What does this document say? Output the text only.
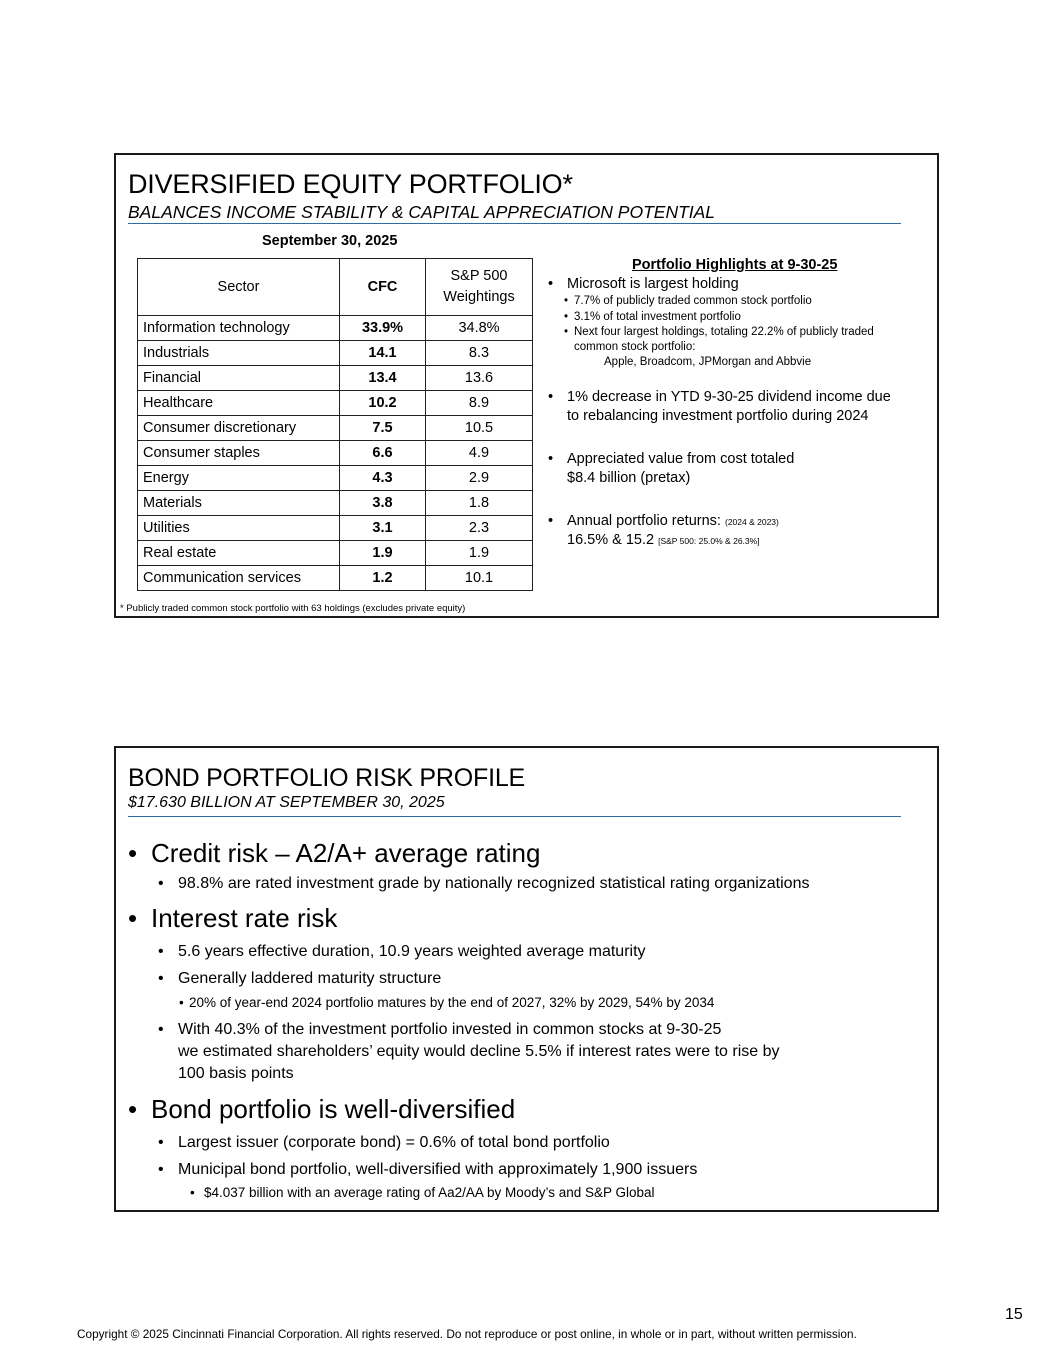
DIVERSIFIED EQUITY PORTFOLIO*
BALANCES INCOME STABILITY & CAPITAL APPRECIATION POTENTIAL
September 30, 2025
Sector	CFC	S&P 500
Weightings
Information technology	33.9%	34.8%
Industrials	14.1	8.3
Financial	13.4	13.6
Healthcare	10.2	8.9
Consumer discretionary	7.5	10.5
Consumer staples	6.6	4.9
Energy	4.3	2.9
Materials	3.8	1.8
Utilities	3.1	2.3
Real estate	1.9	1.9
Communication services	1.2	10.1
* Publicly traded common stock portfolio with 63 holdings (excludes private equity)
Portfolio Highlights at 9-30-25
• Microsoft is largest holding
• 7.7% of publicly traded common stock portfolio
• 3.1% of total investment portfolio
• Next four largest holdings, totaling 22.2% of publicly traded
common stock portfolio:
Apple, Broadcom, JPMorgan and Abbvie
• 1% decrease in YTD 9-30-25 dividend income due
to rebalancing investment portfolio during 2024
• Appreciated value from cost totaled
$8.4 billion (pretax)
• Annual portfolio returns: (2024 & 2023)
16.5% & 15.2 [S&P 500: 25.0% & 26.3%]
BOND PORTFOLIO RISK PROFILE
$17.630 BILLION AT SEPTEMBER 30, 2025
• Credit risk – A2/A+ average rating
• 98.8% are rated investment grade by nationally recognized statistical rating organizations
• Interest rate risk
• 5.6 years effective duration, 10.9 years weighted average maturity
• Generally laddered maturity structure
• 20% of year-end 2024 portfolio matures by the end of 2027, 32% by 2029, 54% by 2034
• With 40.3% of the investment portfolio invested in common stocks at 9-30-25
we estimated shareholders’ equity would decline 5.5% if interest rates were to rise by
100 basis points
• Bond portfolio is well-diversified
• Largest issuer (corporate bond) = 0.6% of total bond portfolio
• Municipal bond portfolio, well-diversified with approximately 1,900 issuers
• $4.037 billion with an average rating of Aa2/AA by Moody’s and S&P Global
15
Copyright © 2025 Cincinnati Financial Corporation. All rights reserved. Do not reproduce or post online, in whole or in part, without written permission.
